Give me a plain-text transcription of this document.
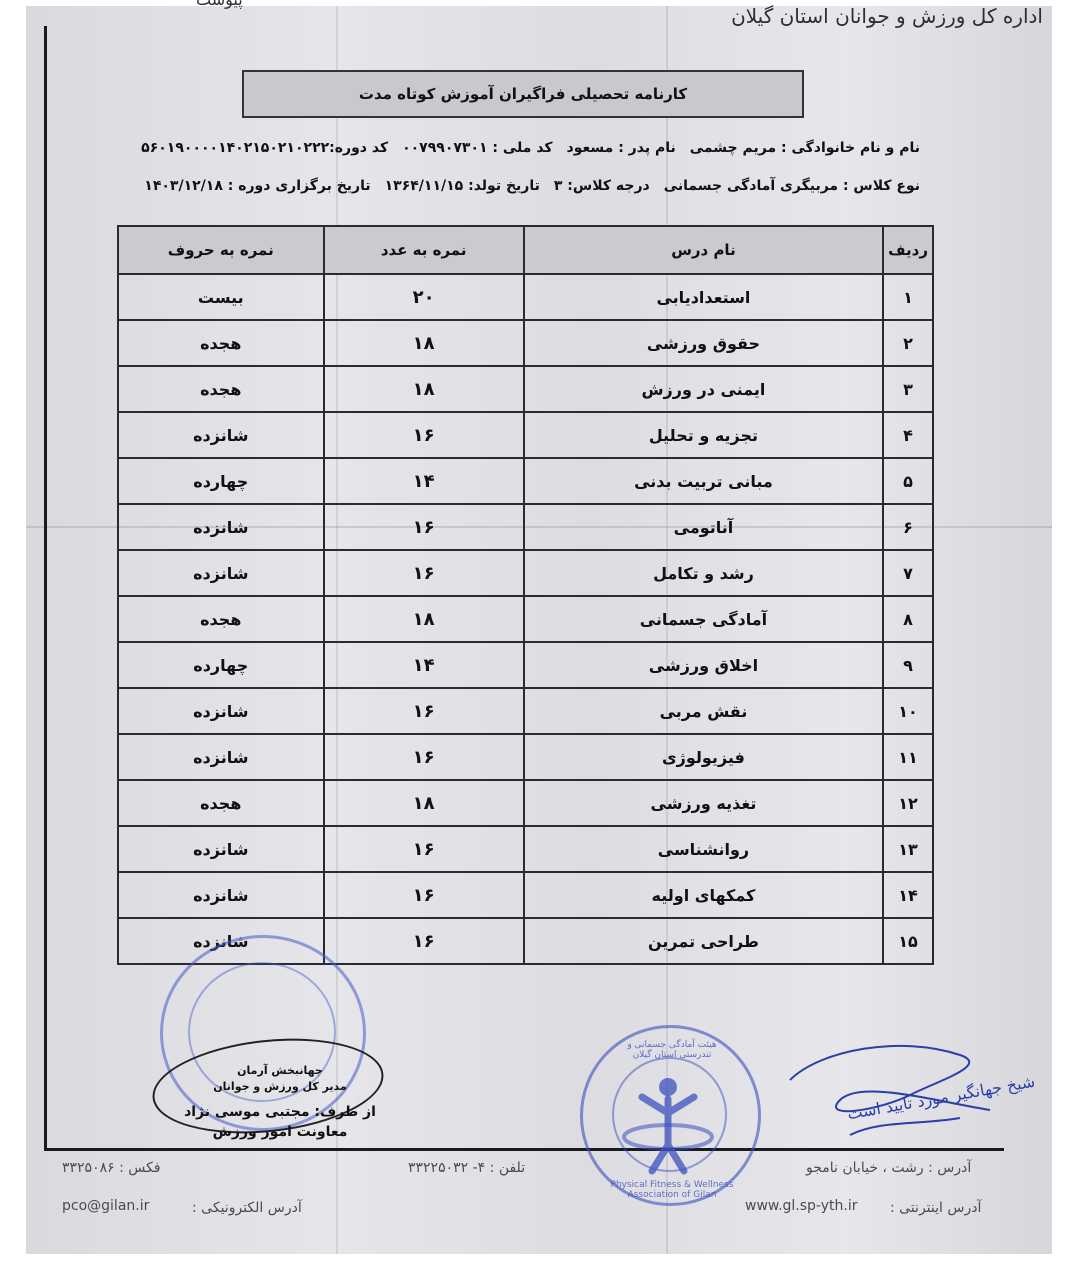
اداره کل ورزش و جوانان استان گیلان
کارنامه تحصیلی فراگیران آموزش کوتاه مدت
نام و نام خانوادگی : مریم چشمی
نام پدر : مسعود
کد ملی : ۰۰۷۹۹۰۷۳۰۱
کد دوره:۵۶۰۱۹۰۰۰۰۱۴۰۲۱۵۰۲۱۰۲۲۲
نوع کلاس : مربیگری آمادگی جسمانی
درجه کلاس: ۳
تاریخ تولد: ۱۳۶۴/۱۱/۱۵
تاریخ برگزاری دوره : ۱۴۰۳/۱۲/۱۸
ردیف	نام درس	نمره به عدد	نمره به حروف
۱	استعدادیابی	۲۰	بیست
۲	حقوق ورزشی	۱۸	هجده
۳	ایمنی در ورزش	۱۸	هجده
۴	تجزیه و تحلیل	۱۶	شانزده
۵	مبانی تربیت بدنی	۱۴	چهارده
۶	آناتومی	۱۶	شانزده
۷	رشد و تکامل	۱۶	شانزده
۸	آمادگی جسمانی	۱۸	هجده
۹	اخلاق ورزشی	۱۴	چهارده
۱۰	نقش مربی	۱۶	شانزده
۱۱	فیزیولوژی	۱۶	شانزده
۱۲	تغذیه ورزشی	۱۸	هجده
۱۳	روانشناسی	۱۶	شانزده
۱۴	کمکهای اولیه	۱۶	شانزده
۱۵	طراحی تمرین	۱۶	شانزده
جهانبخش آرمان
مدیر کل ورزش و جوانان
از طرف: مجتبی موسی نژاد
معاونت امور ورزش
هیئت آمادگی جسمانی و تندرستی استان گیلان
Physical Fitness & Wellness Association of Gilan
شیخ جهانگیر مورد تایید است
آدرس : رشت ، خیابان نامجو
تلفن : ۴- ۳۳۲۲۵۰۳۲
فکس : ۳۳۲۵۰۸۶
آدرس اینترنتی :
www.gl.sp-yth.ir
آدرس الکترونیکی :
pco@gilan.ir
